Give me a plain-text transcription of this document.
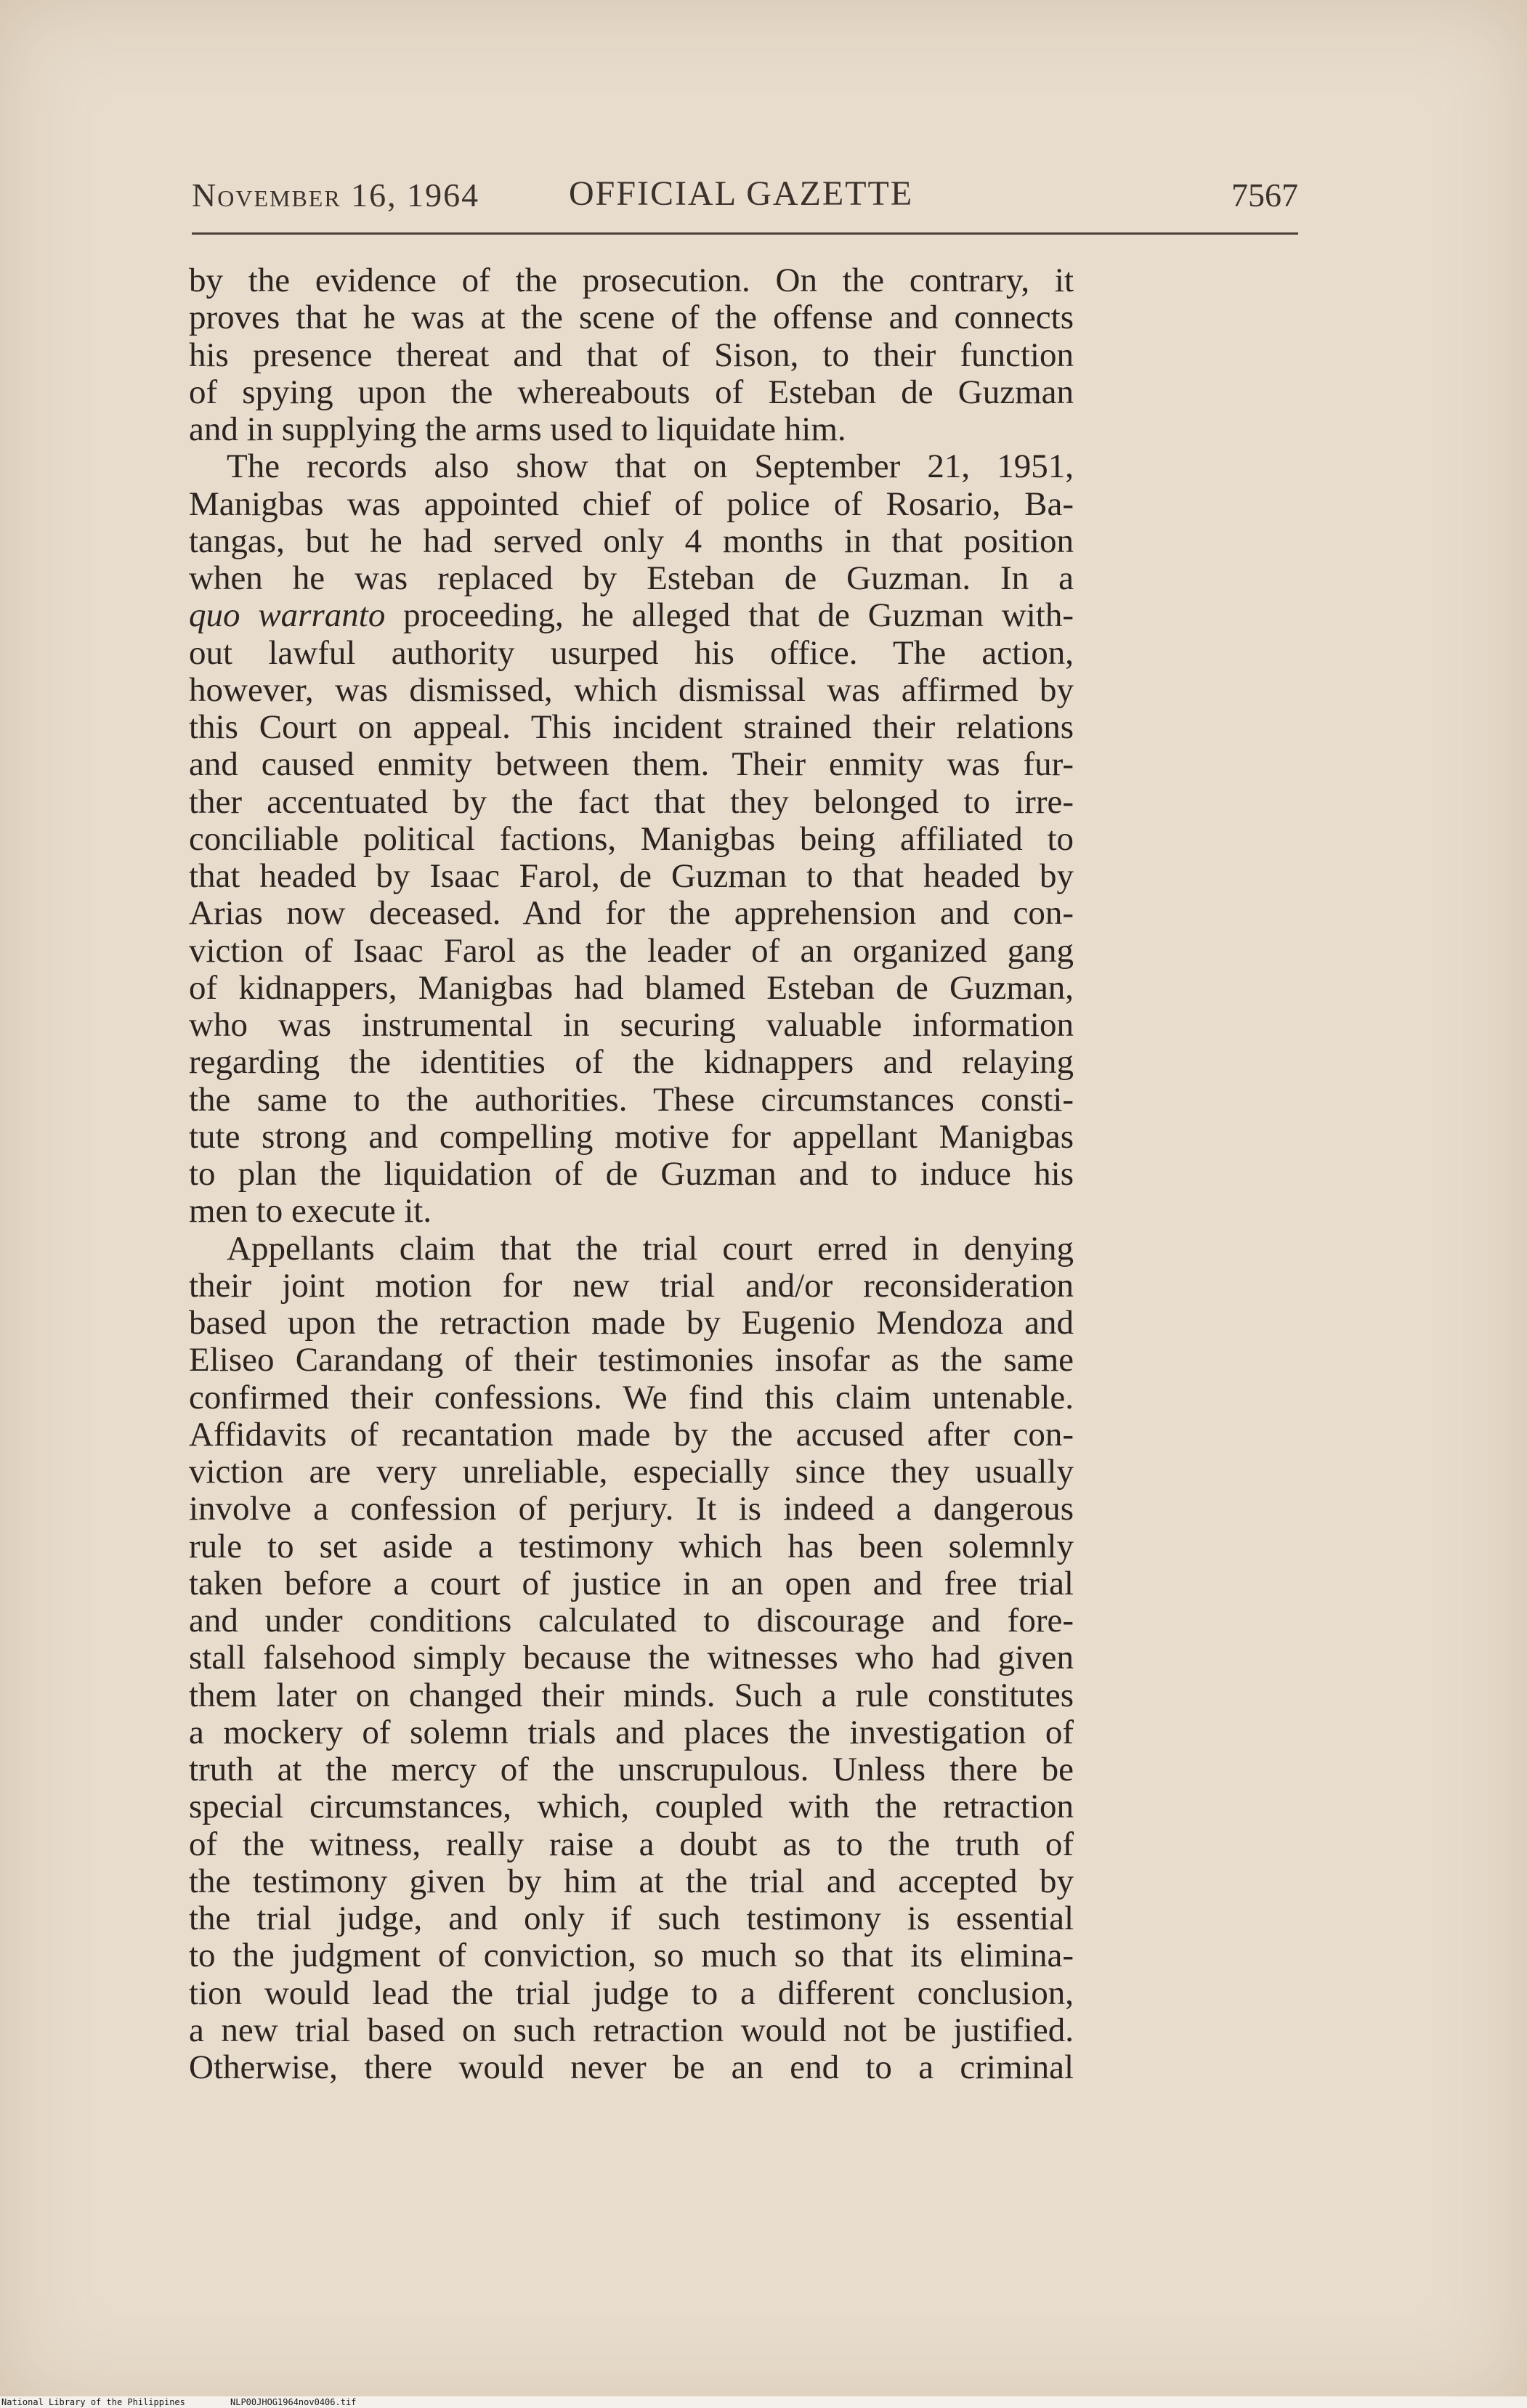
November 16, 1964	OFFICIAL GAZETTE	7567
by the evidence of the prosecution. On the contrary, it
proves that he was at the scene of the offense and connects
his presence thereat and that of Sison, to their function
of spying upon the whereabouts of Esteban de Guzman
and in supplying the arms used to liquidate him.
The records also show that on September 21, 1951,
Manigbas was appointed chief of police of Rosario, Ba-
tangas, but he had served only 4 months in that position
when he was replaced by Esteban de Guzman. In a
quo warranto proceeding, he alleged that de Guzman with-
out lawful authority usurped his office. The action,
however, was dismissed, which dismissal was affirmed by
this Court on appeal. This incident strained their relations
and caused enmity between them. Their enmity was fur-
ther accentuated by the fact that they belonged to irre-
conciliable political factions, Manigbas being affiliated to
that headed by Isaac Farol, de Guzman to that headed by
Arias now deceased. And for the apprehension and con-
viction of Isaac Farol as the leader of an organized gang
of kidnappers, Manigbas had blamed Esteban de Guzman,
who was instrumental in securing valuable information
regarding the identities of the kidnappers and relaying
the same to the authorities. These circumstances consti-
tute strong and compelling motive for appellant Manigbas
to plan the liquidation of de Guzman and to induce his
men to execute it.
Appellants claim that the trial court erred in denying
their joint motion for new trial and/or reconsideration
based upon the retraction made by Eugenio Mendoza and
Eliseo Carandang of their testimonies insofar as the same
confirmed their confessions. We find this claim untenable.
Affidavits of recantation made by the accused after con-
viction are very unreliable, especially since they usually
involve a confession of perjury. It is indeed a dangerous
rule to set aside a testimony which has been solemnly
taken before a court of justice in an open and free trial
and under conditions calculated to discourage and fore-
stall falsehood simply because the witnesses who had given
them later on changed their minds. Such a rule constitutes
a mockery of solemn trials and places the investigation of
truth at the mercy of the unscrupulous. Unless there be
special circumstances, which, coupled with the retraction
of the witness, really raise a doubt as to the truth of
the testimony given by him at the trial and accepted by
the trial judge, and only if such testimony is essential
to the judgment of conviction, so much so that its elimina-
tion would lead the trial judge to a different conclusion,
a new trial based on such retraction would not be justified.
Otherwise, there would never be an end to a criminal
National Library of the Philippines	NLP00JHOG1964nov0406.tif
